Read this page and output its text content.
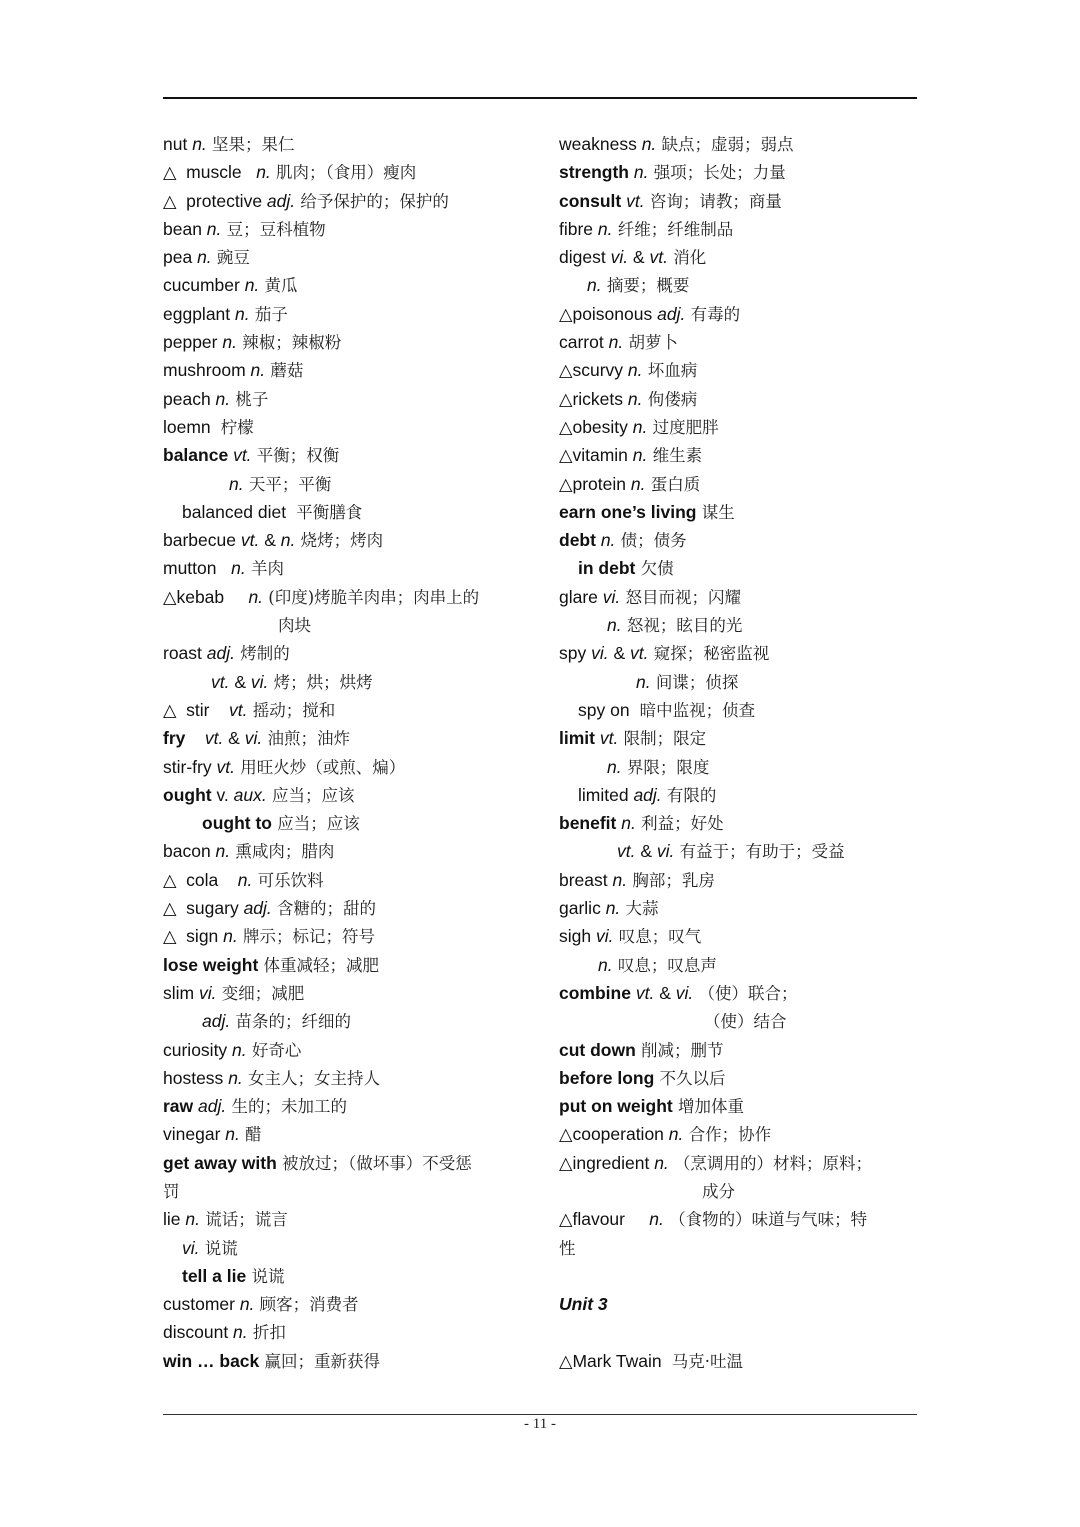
nut n. 坚果；果仁
△  muscle   n. 肌肉；（食用）瘦肉
△  protective adj. 给予保护的；保护的
bean n. 豆；豆科植物
pea n. 豌豆
cucumber n. 黄瓜
eggplant n. 茄子
pepper n. 辣椒；辣椒粉
mushroom n. 蘑菇
peach n. 桃子
loemn  柠檬
balance vt. 平衡；权衡
n. 天平；平衡
balanced diet  平衡膳食
barbecue vt. & n. 烧烤；烤肉
mutton   n. 羊肉
△kebab     n. (印度)烤脆羊肉串；肉串上的
肉块
roast adj. 烤制的
vt. & vi. 烤；烘；烘烤
△  stir    vt. 摇动；搅和
fry vt. & vi. 油煎；油炸
stir-fry vt. 用旺火炒（或煎、煸）
ought v. aux. 应当；应该
ought to 应当；应该
bacon n. 熏咸肉；腊肉
△  cola    n. 可乐饮料
△  sugary adj. 含糖的；甜的
△  sign n. 牌示；标记；符号
lose weight 体重减轻；减肥
slim vi. 变细；减肥
adj. 苗条的；纤细的
curiosity n. 好奇心
hostess n. 女主人；女主持人
raw adj. 生的；未加工的
vinegar n. 醋
get away with 被放过；（做坏事）不受惩
罚
lie n. 谎话；谎言
vi. 说谎
tell a lie 说谎
customer n. 顾客；消费者
discount n. 折扣
win … back 赢回；重新获得
weakness n. 缺点；虚弱；弱点
strength n. 强项；长处；力量
consult vt. 咨询；请教；商量
fibre n. 纤维；纤维制品
digest vi. & vt. 消化
n. 摘要；概要
△poisonous adj. 有毒的
carrot n. 胡萝卜
△scurvy n. 坏血病
△rickets n. 佝偻病
△obesity n. 过度肥胖
△vitamin n. 维生素
△protein n. 蛋白质
earn one’s living 谋生
debt n. 债；债务
in debt 欠债
glare vi. 怒目而视；闪耀
n. 怒视；眩目的光
spy vi. & vt. 窥探；秘密监视
n. 间谍；侦探
spy on  暗中监视；侦查
limit vt. 限制；限定
n. 界限；限度
limited adj. 有限的
benefit n. 利益；好处
vt. & vi. 有益于；有助于；受益
breast n. 胸部；乳房
garlic n. 大蒜
sigh vi. 叹息；叹气
n. 叹息；叹息声
combine vt. & vi. （使）联合；
（使）结合
cut down 削减；删节
before long 不久以后
put on weight 增加体重
△cooperation n. 合作；协作
△ingredient n. （烹调用的）材料；原料；
成分
△flavour     n. （食物的）味道与气味；特
性
Unit 3
△Mark Twain  马克·吐温
- 11 -
